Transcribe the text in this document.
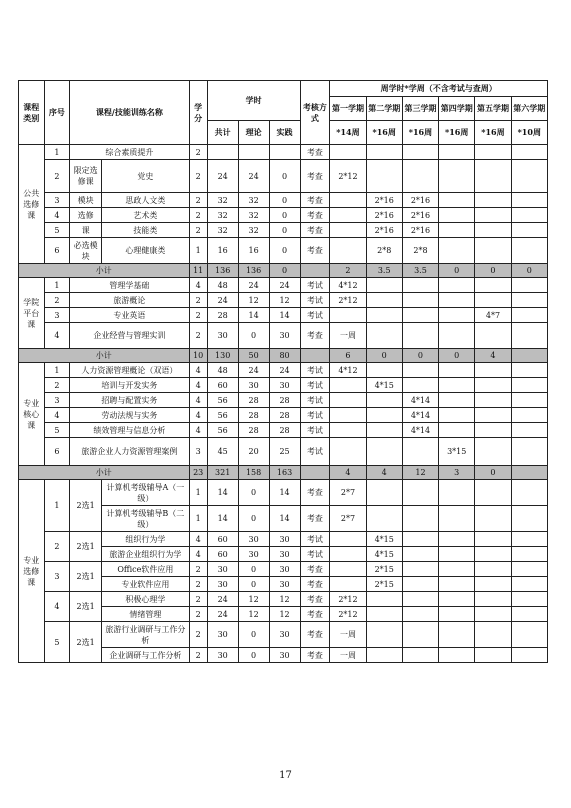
课程类别	序号	课程/技能训练名称		学分	学时			考核方式	周学时*学周（不含考试与查周）					
									第一学期	第二学期	第三学期	第四学期	第五学期	第六学期
					共计	理论	实践		*14周	*16周	*16周	*16周	*16周	*10周
公共选修课	1	综合素质提升		2				考查						
	2	限定选修课	党史	2	24	24	0	考查	2*12					
	3	模块	思政人文类	2	32	32	0	考查		2*16	2*16			
	4	选修	艺术类	2	32	32	0	考查		2*16	2*16			
	5	课	技能类	2	32	32	0	考查		2*16	2*16			
	6	必选模块	心理健康类	1	16	16	0	考查		2*8	2*8			
小计				11	136	136	0		2	3.5	3.5	0	0	0
学院平台课	1	管理学基础		4	48	24	24	考试	4*12					
	2	旅游概论		2	24	12	12	考试	2*12					
	3	专业英语		2	28	14	14	考试					4*7	
	4	企业经营与管理实训		2	30	0	30	考查	一周					
小计				10	130	50	80		6	0	0	0	4	
专业核心课	1	人力资源管理概论（双语）		4	48	24	24	考试	4*12					
	2	培训与开发实务		4	60	30	30	考试		4*15				
	3	招聘与配置实务		4	56	28	28	考试			4*14			
	4	劳动法规与实务		4	56	28	28	考试			4*14			
	5	绩效管理与信息分析		4	56	28	28	考试			4*14			
	6	旅游企业人力资源管理案例		3	45	20	25	考试				3*15		
小计				23	321	158	163		4	4	12	3	0	
专业选修课	1	2选1	计算机考级辅导A（一级）	1	14	0	14	考查	2*7					
			计算机考级辅导B（二级）	1	14	0	14	考查	2*7					
	2	2选1	组织行为学	4	60	30	30	考试		4*15				
			旅游企业组织行为学	4	60	30	30	考试		4*15				
	3	2选1	Office软件应用	2	30	0	30	考查		2*15				
			专业软件应用	2	30	0	30	考查		2*15				
	4	2选1	积极心理学	2	24	12	12	考查	2*12					
			情绪管理	2	24	12	12	考查	2*12					
	5	2选1	旅游行业调研与工作分析	2	30	0	30	考查	一周					
			企业调研与工作分析	2	30	0	30	考查	一周					
17
